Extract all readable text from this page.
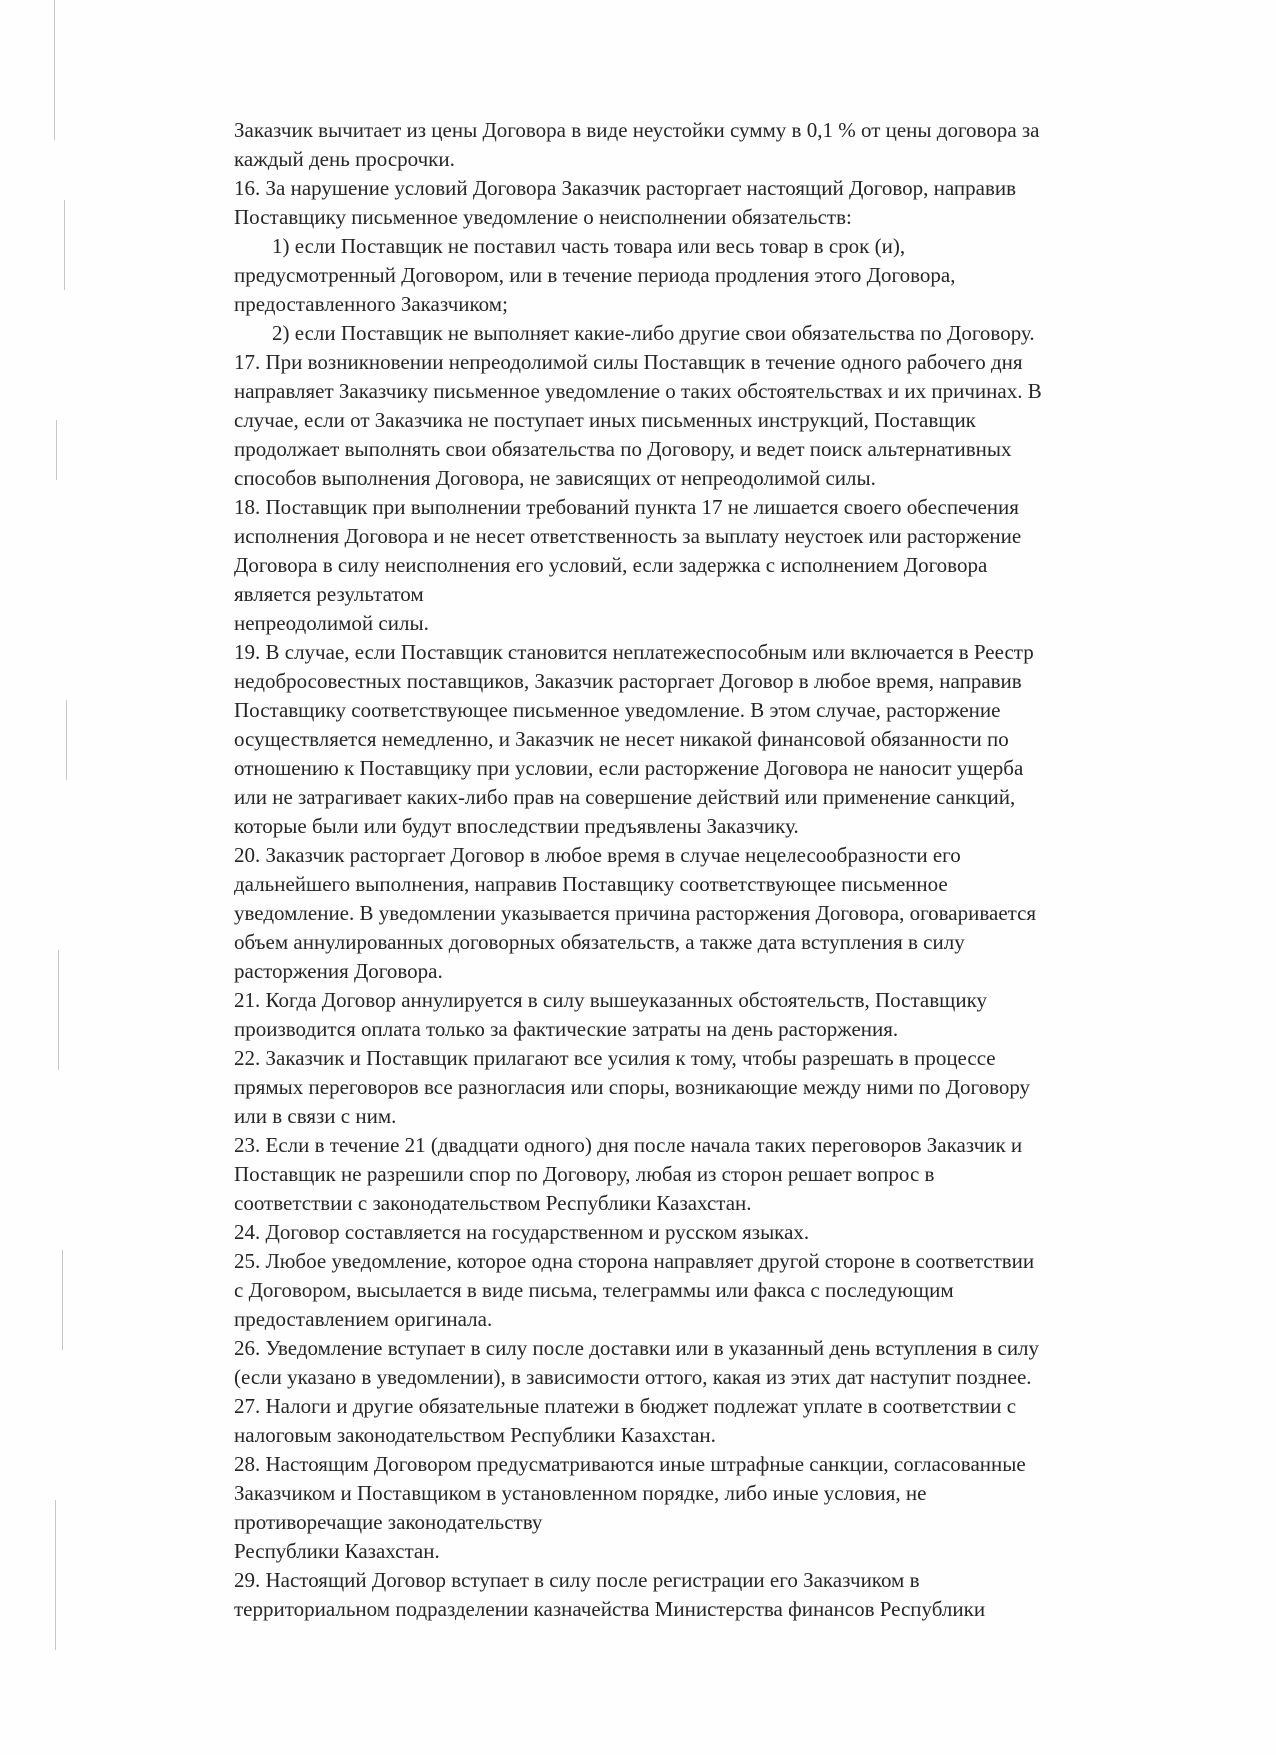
Заказчик вычитает из цены Договора в виде неустойки сумму в 0,1 % от цены договора за
каждый день просрочки.
16. За нарушение условий Договора Заказчик расторгает настоящий Договор, направив
Поставщику письменное уведомление о неисполнении обязательств:
1) если Поставщик не поставил часть товара или весь товар в срок (и),
предусмотренный Договором, или в течение периода продления этого Договора,
предоставленного Заказчиком;
2) если Поставщик не выполняет какие-либо другие свои обязательства по Договору.
17. При возникновении непреодолимой силы Поставщик в течение одного рабочего дня
направляет Заказчику письменное уведомление о таких обстоятельствах и их причинах. В
случае, если от Заказчика не поступает иных письменных инструкций, Поставщик
продолжает выполнять свои обязательства по Договору, и ведет поиск альтернативных
способов выполнения Договора, не зависящих от непреодолимой силы.
18. Поставщик при выполнении требований пункта 17 не лишается своего обеспечения
исполнения Договора и не несет ответственность за выплату неустоек или расторжение
Договора в силу неисполнения его условий, если задержка с исполнением Договора
является результатом
непреодолимой силы.
19. В случае, если Поставщик становится неплатежеспособным или включается в Реестр
недобросовестных поставщиков, Заказчик расторгает Договор в любое время, направив
Поставщику соответствующее письменное уведомление. В этом случае, расторжение
осуществляется немедленно, и Заказчик не несет никакой финансовой обязанности по
отношению к Поставщику при условии, если расторжение Договора не наносит ущерба
или не затрагивает каких-либо прав на совершение действий или применение санкций,
которые были или будут впоследствии предъявлены Заказчику.
20. Заказчик расторгает Договор в любое время в случае нецелесообразности его
дальнейшего выполнения, направив Поставщику соответствующее письменное
уведомление. В уведомлении указывается причина расторжения Договора, оговаривается
объем аннулированных договорных обязательств, а также дата вступления в силу
расторжения Договора.
21. Когда Договор аннулируется в силу вышеуказанных обстоятельств, Поставщику
производится оплата только за фактические затраты на день расторжения.
22. Заказчик и Поставщик прилагают все усилия к тому, чтобы разрешать в процессе
прямых переговоров все разногласия или споры, возникающие между ними по Договору
или в связи с ним.
23. Если в течение 21 (двадцати одного) дня после начала таких переговоров Заказчик и
Поставщик не разрешили спор по Договору, любая из сторон решает вопрос в
соответствии с законодательством Республики Казахстан.
24. Договор составляется на государственном и русском языках.
25. Любое уведомление, которое одна сторона направляет другой стороне в соответствии
с Договором, высылается в виде письма, телеграммы или факса с последующим
предоставлением оригинала.
26. Уведомление вступает в силу после доставки или в указанный день вступления в силу
(если указано в уведомлении), в зависимости оттого, какая из этих дат наступит позднее.
27. Налоги и другие обязательные платежи в бюджет подлежат уплате в соответствии с
налоговым законодательством Республики Казахстан.
28. Настоящим Договором предусматриваются иные штрафные санкции, согласованные
Заказчиком и Поставщиком в установленном порядке, либо иные условия, не
противоречащие законодательству
Республики Казахстан.
29. Настоящий Договор вступает в силу после регистрации его Заказчиком в
территориальном подразделении казначейства Министерства финансов Республики
